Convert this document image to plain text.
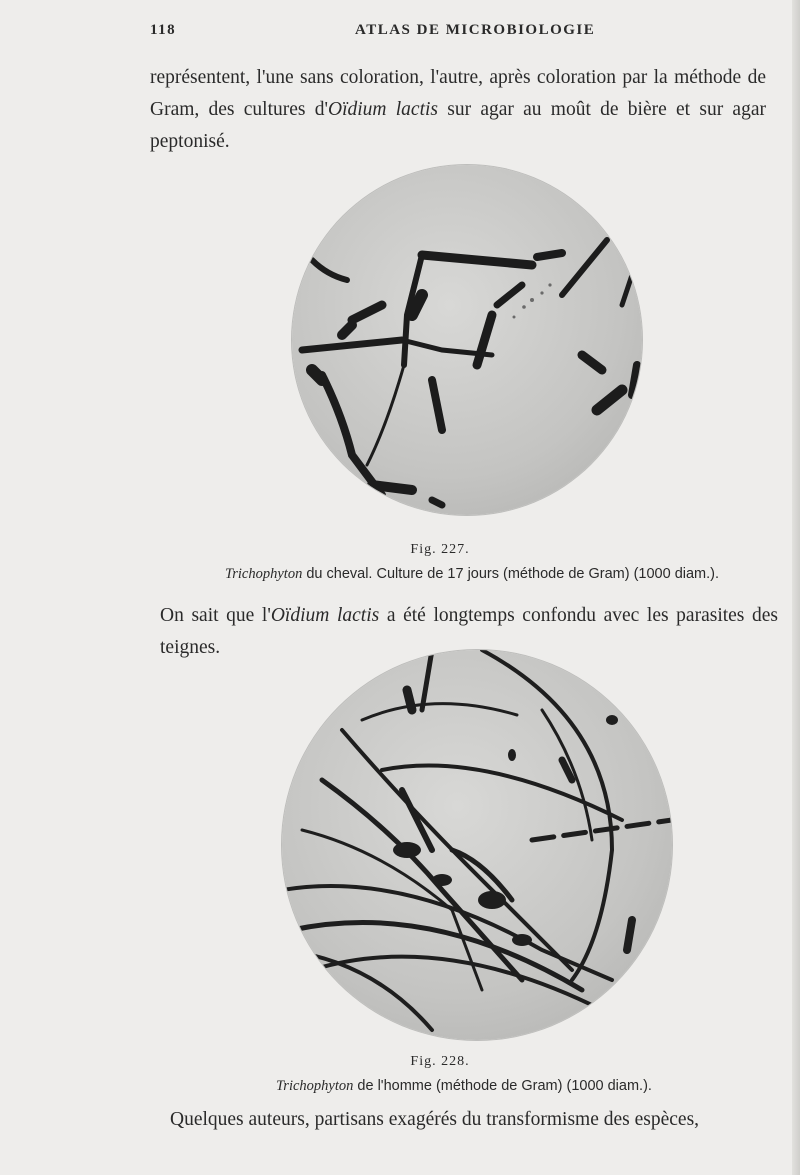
118	ATLAS DE MICROBIOLOGIE

représentent, l'une sans coloration, l'autre, après coloration par la méthode de Gram, des cultures d'Oïdium lactis sur agar au moût de bière et sur agar peptonisé.

Fig. 227.
Trichophyton du cheval. Culture de 17 jours (méthode de Gram) (1000 diam.).

On sait que l'Oïdium lactis a été longtemps confondu avec les parasites des teignes.

Fig. 228.
Trichophyton de l'homme (méthode de Gram) (1000 diam.).

Quelques auteurs, partisans exagérés du transformisme des espèces,
